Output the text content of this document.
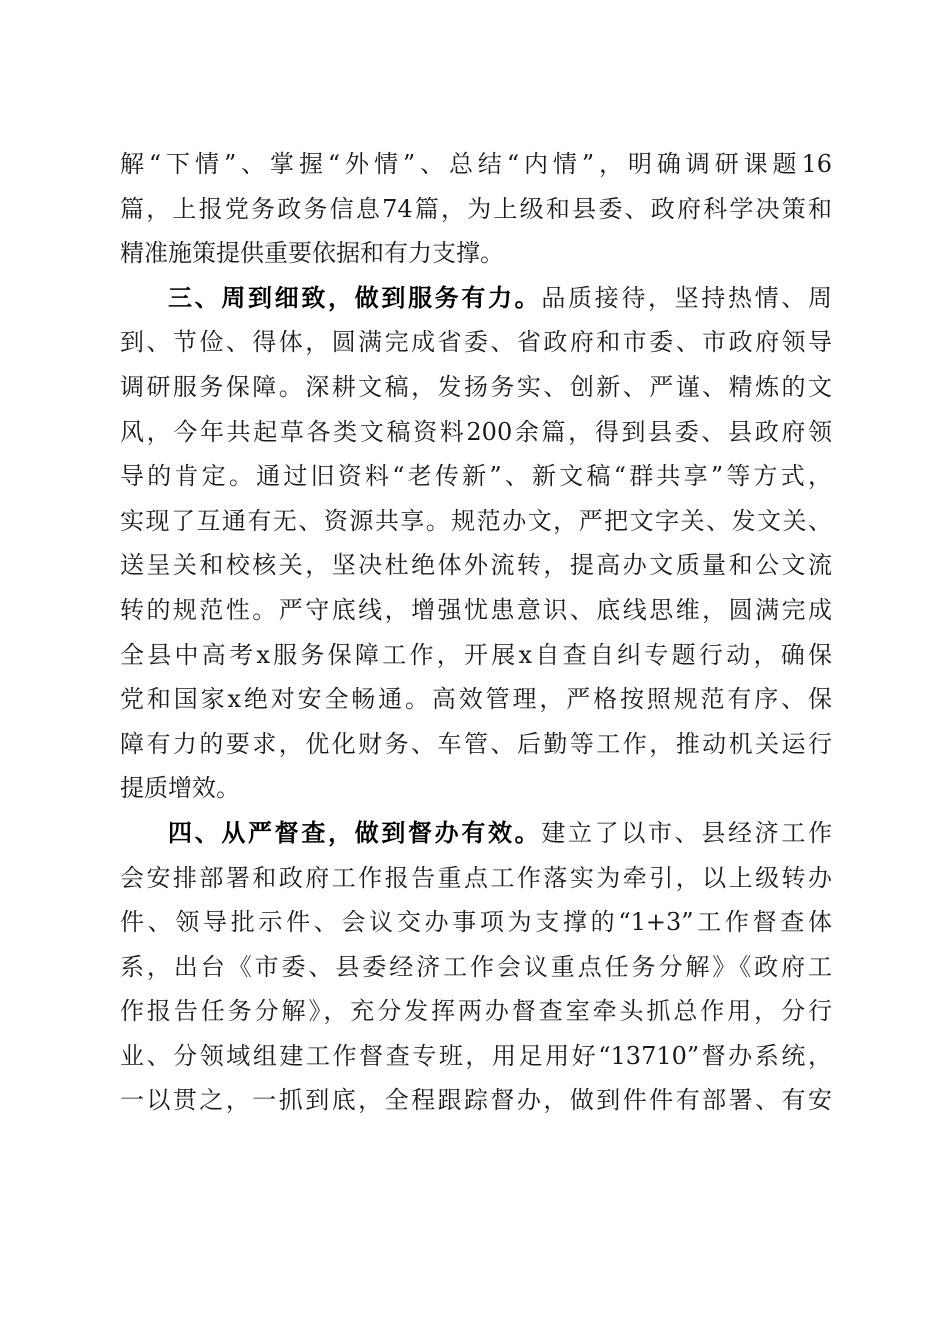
解“下情”、掌握“外情”、总结“内情”，明确调研课题16
篇，上报党务政务信息74篇，为上级和县委、政府科学决策和
精准施策提供重要依据和有力支撑。
三、周到细致，做到服务有力。品质接待，坚持热情、周
到、节俭、得体，圆满完成省委、省政府和市委、市政府领导
调研服务保障。深耕文稿，发扬务实、创新、严谨、精炼的文
风，今年共起草各类文稿资料200余篇，得到县委、县政府领
导的肯定。通过旧资料“老传新”、新文稿“群共享”等方式，
实现了互通有无、资源共享。规范办文，严把文字关、发文关、
送呈关和校核关，坚决杜绝体外流转，提高办文质量和公文流
转的规范性。严守底线，增强忧患意识、底线思维，圆满完成
全县中高考x服务保障工作，开展x自查自纠专题行动，确保
党和国家x绝对安全畅通。高效管理，严格按照规范有序、保
障有力的要求，优化财务、车管、后勤等工作，推动机关运行
提质增效。
四、从严督查，做到督办有效。建立了以市、县经济工作
会安排部署和政府工作报告重点工作落实为牵引，以上级转办
件、领导批示件、会议交办事项为支撑的“1+3”工作督查体
系，出台《市委、县委经济工作会议重点任务分解》《政府工
作报告任务分解》，充分发挥两办督查室牵头抓总作用，分行
业、分领域组建工作督查专班，用足用好“13710”督办系统，
一以贯之，一抓到底，全程跟踪督办，做到件件有部署、有安
